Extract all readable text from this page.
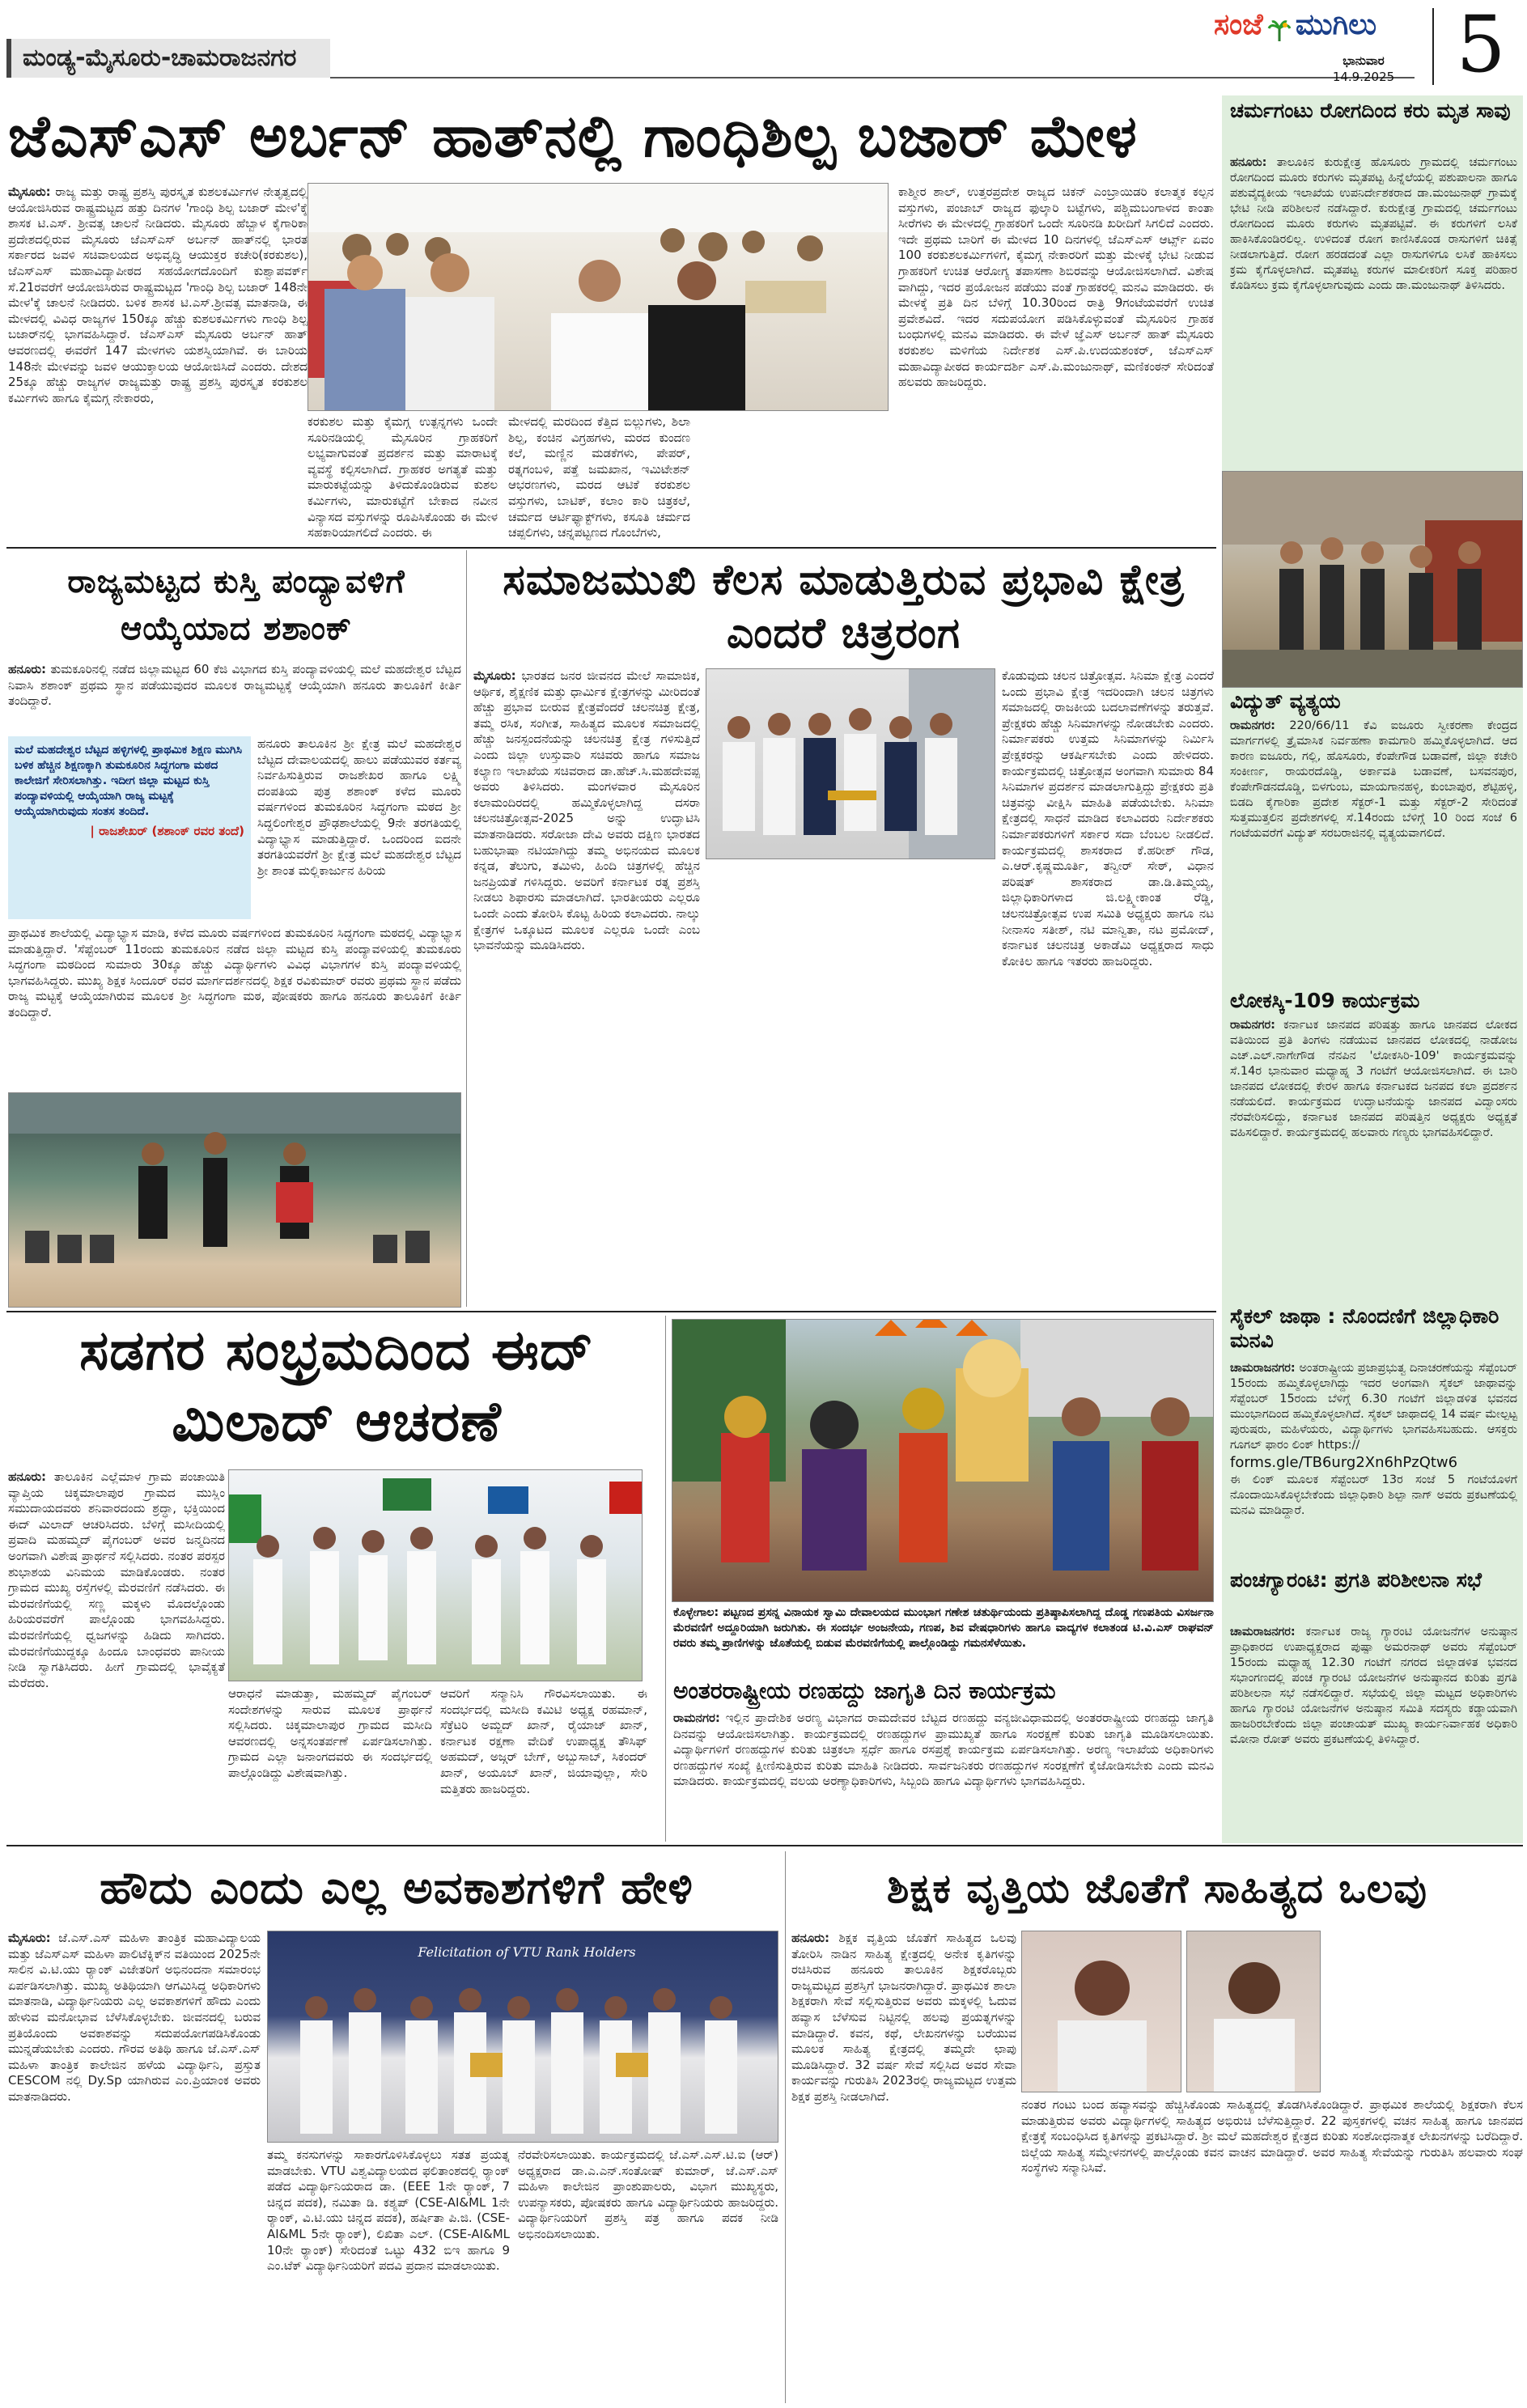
ಮಂಡ್ಯ-ಮೈಸೂರು-ಚಾಮರಾಜನಗರ
ಸಂಜೆ ಮುಗಿಲು
ಭಾನುವಾರ
14.9.2025 5
ಜೆಎಸ್‌ಎಸ್ ಅರ್ಬನ್ ಹಾತ್‌ನಲ್ಲಿ ಗಾಂಧಿಶಿಲ್ಪ ಬಜಾರ್ ಮೇಳ
ಮೈಸೂರು: ರಾಜ್ಯ ಮತ್ತು ರಾಷ್ಟ್ರ ಪ್ರಶಸ್ತಿ ಪುರಸ್ಕೃತ ಕುಶಲಕರ್ಮಿಗಳ ನೇತೃತ್ವದಲ್ಲಿ ಆಯೋಜಿಸಿರುವ ರಾಷ್ಟ್ರಮಟ್ಟದ ಹತ್ತು ದಿನಗಳ 'ಗಾಂಧಿ ಶಿಲ್ಪ ಬಜಾರ್ ಮೇಳ'ಕ್ಕೆ ಶಾಸಕ ಟಿ.ಎಸ್. ಶ್ರೀವತ್ಸ ಚಾಲನೆ ನೀಡಿದರು. ಮೈಸೂರು ಹೆಬ್ಬಾಳ ಕೈಗಾರಿಕಾ ಪ್ರದೇಶದಲ್ಲಿರುವ ಮೈಸೂರು ಜೆಎಸ್‌ಎಸ್ ಅರ್ಬನ್ ಹಾತ್‌ನಲ್ಲಿ ಭಾರತ ಸರ್ಕಾರದ ಜವಳಿ ಸಚಿವಾಲಯದ ಅಭಿವೃದ್ಧಿ ಆಯುಕ್ತರ ಕಚೇರಿ(ಕರಕುಶಲ), ಜೆಎಸ್‌ಎಸ್ ಮಹಾವಿದ್ಯಾಪೀಠದ ಸಹಯೋಗದೊಂದಿಗೆ ಕುಶ್ವಾಪವರ್ಕ್ ಸೆ.21ರವರೆಗೆ ಆಯೋಜಿಸಿರುವ ರಾಷ್ಟ್ರಮಟ್ಟದ 'ಗಾಂಧಿ ಶಿಲ್ಪ ಬಜಾರ್ 148ನೇ ಮೇಳ'ಕ್ಕೆ ಚಾಲನೆ ನೀಡಿದರು. ಬಳಿಕ ಶಾಸಕ ಟಿ.ಎಸ್.ಶ್ರೀವತ್ಸ ಮಾತನಾಡಿ, ಈ ಮೇಳದಲ್ಲಿ ವಿವಿಧ ರಾಜ್ಯಗಳ 150ಕ್ಕೂ ಹೆಚ್ಚು ಕುಶಲಕರ್ಮಿಗಳು ಗಾಂಧಿ ಶಿಲ್ಪ ಬಜಾರ್‌ನಲ್ಲಿ ಭಾಗವಹಿಸಿದ್ದಾರೆ. ಜೆಎಸ್‌ಎಸ್ ಮೈಸೂರು ಅರ್ಬನ್ ಹಾತ್ ಆವರಣದಲ್ಲಿ ಈವರೆಗೆ 147 ಮೇಳಗಳು ಯಶಸ್ವಿಯಾಗಿವೆ. ಈ ಬಾರಿಯ 148ನೇ ಮೇಳವನ್ನು ಜವಳಿ ಆಯುಕ್ತಾಲಯ ಆಯೋಜಿಸಿದೆ ಎಂದರು. ದೇಶದ 25ಕ್ಕೂ ಹೆಚ್ಚು ರಾಜ್ಯಗಳ ರಾಜ್ಯಮತ್ತು ರಾಷ್ಟ್ರ ಪ್ರಶಸ್ತಿ ಪುರಸ್ಕೃತ ಕರಕುಶಲ ಕರ್ಮಿಗಳು ಹಾಗೂ ಕೈಮಗ್ಗ ನೇಕಾರರು,
ಕರಕುಶಲ ಮತ್ತು ಕೈಮಗ್ಗ ಉತ್ಪನ್ನಗಳು ಒಂದೇ ಸೂರಿನಡಿಯಲ್ಲಿ ಮೈಸೂರಿನ ಗ್ರಾಹಕರಿಗೆ ಲಭ್ಯವಾಗುವಂತೆ ಪ್ರದರ್ಶನ ಮತ್ತು ಮಾರಾಟಕ್ಕೆ ವ್ಯವಸ್ಥೆ ಕಲ್ಪಿಸಲಾಗಿದೆ. ಗ್ರಾಹಕರ ಅಗತ್ಯತೆ ಮತ್ತು ಮಾರುಕಟ್ಟೆಯನ್ನು ತಿಳಿದುಕೊಂಡಿರುವ ಕುಶಲ ಕರ್ಮಿಗಳು, ಮಾರುಕಟ್ಟೆಗೆ ಬೇಕಾದ ನವೀನ ವಿನ್ಯಾಸದ ವಸ್ತುಗಳನ್ನು ರೂಪಿಸಿಕೊಂಡು ಈ ಮೇಳ ಸಹಕಾರಿಯಾಗಲಿದೆ ಎಂದರು. ಈ
ಮೇಳದಲ್ಲಿ ಮರದಿಂದ ಕೆತ್ತಿದ ಬಿಲ್ಲುಗಳು, ಶಿಲಾ ಶಿಲ್ಪ, ಕಂಚಿನ ವಿಗ್ರಹಗಳು, ಮರದ ಕುಂದಣ ಕಲೆ, ಮಣ್ಣಿನ ಮಡಕೆಗಳು, ಪೇಪರ್, ರತ್ನಗಂಬಳಿ, ಪತ್ತೆ ಜಮಖಾನ, ಇಮಿಟೇಶನ್ ಆಭರಣಗಳು, ಮರದ ಆಟಿಕೆ ಕರಕುಶಲ ವಸ್ತುಗಳು, ಬಾಟಿಕ್, ಕಲಾಂ ಕಾರಿ ಚಿತ್ರಕಲೆ, ಚರ್ಮದ ಆರ್ಟಿಫ್ಯಾಕ್ಟ್‌ಗಳು, ಕಸೂತಿ ಚರ್ಮದ ಚಪ್ಪಲಿಗಳು, ಚನ್ನಪಟ್ಟಣದ ಗೊಂಬೆಗಳು,
ಕಾಶ್ಮೀರ ಶಾಲ್, ಉತ್ತರಪ್ರದೇಶ ರಾಜ್ಯದ ಚಿಕನ್ ಎಂಬ್ರಾಯಿಡರಿ ಕಲಾತ್ಮಕ ಕಲ್ಪನ ವಸ್ತುಗಳು, ಪಂಜಾಬ್ ರಾಜ್ಯದ ಫುಲ್ಕಾರಿ ಬಟ್ಟೆಗಳು, ಪಶ್ಚಿಮಬಂಗಾಳದ ಕಾಂತಾ ಸೀರೆಗಳು ಈ ಮೇಳದಲ್ಲಿ ಗ್ರಾಹಕರಿಗೆ ಒಂದೇ ಸೂರಿನಡಿ ಖರೀದಿಗೆ ಸಿಗಲಿದೆ ಎಂದರು. ಇದೇ ಪ್ರಥಮ ಬಾರಿಗೆ ಈ ಮೇಳದ 10 ದಿನಗಳಲ್ಲಿ ಜೆಎಸ್‌ಎಸ್ ಆರ್ಟ್ಸ್ ಏವಂ 100 ಕರಕುಶಲಕರ್ಮಿಗಳಿಗೆ, ಕೈಮಗ್ಗ ನೇಕಾರರಿಗೆ ಮತ್ತು ಮೇಳಕ್ಕೆ ಭೇಟಿ ನೀಡುವ ಗ್ರಾಹಕರಿಗೆ ಉಚಿತ ಆರೋಗ್ಯ ತಪಾಸಣಾ ಶಿಬಿರವನ್ನು ಆಯೋಜಿಸಲಾಗಿದೆ. ವಿಶೇಷ ವಾಗಿದ್ದು, ಇದರ ಪ್ರಯೋಜನ ಪಡೆಯು ವಂತೆ ಗ್ರಾಹಕರಲ್ಲಿ ಮನವಿ ಮಾಡಿದರು. ಈ ಮೇಳಕ್ಕೆ ಪ್ರತಿ ದಿನ ಬೆಳಿಗ್ಗೆ 10.30ರಿಂದ ರಾತ್ರಿ 9ಗಂಟೆಯವರೆಗೆ ಉಚಿತ ಪ್ರವೇಶವಿದೆ. ಇದರ ಸದುಪಯೋಗ ಪಡಿಸಿಕೊಳ್ಳುವಂತೆ ಮೈಸೂರಿನ ಗ್ರಾಹಕ ಬಂಧುಗಳಲ್ಲಿ ಮನವಿ ಮಾಡಿದರು. ಈ ವೇಳೆ ಜ್ಞೆಎಸ್ ಅರ್ಬನ್ ಹಾತ್ ಮೈಸೂರು ಕರಕುಶಲ ಮಳಿಗೆಯ ನಿರ್ದೇಶಕ ಎಸ್.ಪಿ.ಉದಯಶಂಕರ್, ಜೆಎಸ್‌ಎಸ್ ಮಹಾವಿದ್ಯಾಪೀಠದ ಕಾರ್ಯದರ್ಶಿ ಎಸ್.ಪಿ.ಮಂಜುನಾಥ್, ಮಣಿಕಂಠನ್ ಸೇರಿದಂತೆ ಹಲವರು ಹಾಜರಿದ್ದರು.
ಚರ್ಮಗಂಟು ರೋಗದಿಂದ ಕರು ಮೃತ ಸಾವು
ಹನೂರು: ತಾಲೂಕಿನ ಕುರುಕ್ಷೇತ್ರ ಹೊಸೂರು ಗ್ರಾಮದಲ್ಲಿ ಚರ್ಮಗಂಟು ರೋಗದಿಂದ ಮೂರು ಕರುಗಳು ಮೃತಪಟ್ಟ ಹಿನ್ನೆಲೆಯಲ್ಲಿ ಪಶುಪಾಲನಾ ಹಾಗೂ ಪಶುವೈದ್ಯಕೀಯ ಇಲಾಖೆಯ ಉಪನಿರ್ದೇಶಕರಾದ ಡಾ.ಮಂಜುನಾಥ್ ಗ್ರಾಮಕ್ಕೆ ಭೇಟಿ ನೀಡಿ ಪರಿಶೀಲನೆ ನಡೆಸಿದ್ದಾರೆ. ಕುರುಕ್ಷೇತ್ರ ಗ್ರಾಮದಲ್ಲಿ ಚರ್ಮಗಂಟು ರೋಗದಿಂದ ಮೂರು ಕರುಗಳು ಮೃತಪಟ್ಟಿವೆ. ಈ ಕರುಗಳಿಗೆ ಲಸಿಕೆ ಹಾಕಿಸಿಕೊಂಡಿರಲಿಲ್ಲ. ಉಳಿದಂತೆ ರೋಗ ಕಾಣಿಸಿಕೊಂಡ ರಾಸುಗಳಿಗೆ ಚಿಕಿತ್ಸೆ ನೀಡಲಾಗುತ್ತಿದೆ. ರೋಗ ಹರಡದಂತೆ ಎಲ್ಲಾ ರಾಸುಗಳಿಗೂ ಲಸಿಕೆ ಹಾಕಿಸಲು ಕ್ರಮ ಕೈಗೊಳ್ಳಲಾಗಿದೆ. ಮೃತಪಟ್ಟ ಕರುಗಳ ಮಾಲೀಕರಿಗೆ ಸೂಕ್ತ ಪರಿಹಾರ ಕೊಡಿಸಲು ಕ್ರಮ ಕೈಗೊಳ್ಳಲಾಗುವುದು ಎಂದು ಡಾ.ಮಂಜುನಾಥ್ ತಿಳಿಸಿದರು.
ವಿದ್ಯುತ್ ವ್ಯತ್ಯಯ
ರಾಮನಗರ: 220/66/11 ಕೆವಿ ಐಜೂರು ಸ್ವೀಕರಣಾ ಕೇಂದ್ರದ ಮಾರ್ಗಗಳಲ್ಲಿ ತ್ರೈಮಾಸಿಕ ನಿರ್ವಹಣಾ ಕಾಮಗಾರಿ ಹಮ್ಮಿಕೊಳ್ಳಲಾಗಿದೆ. ಆದ ಕಾರಣ ಐಜೂರು, ಗಲ್ಲಿ, ಹೊಸೂರು, ಕೆಂಪೇಗೌಡ ಬಡಾವಣೆ, ಜಿಲ್ಲಾ ಕಚೇರಿ ಸಂಕೀರ್ಣ, ರಾಯರದೊಡ್ಡಿ, ಅರ್ಕಾವತಿ ಬಡಾವಣೆ, ಬಸವನಪುರ, ಕೆಂಪೇಗೌಡನದೊಡ್ಡಿ, ಬಿಳಗುಂಬ, ಮಾಯಗಾನಹಳ್ಳಿ, ಕುಂಬಾಪುರ, ಶೆಟ್ಟಿಹಳ್ಳಿ, ಬಿಡದಿ ಕೈಗಾರಿಕಾ ಪ್ರದೇಶ ಸೆಕ್ಟರ್-1 ಮತ್ತು ಸೆಕ್ಟರ್-2 ಸೇರಿದಂತೆ ಸುತ್ತಮುತ್ತಲಿನ ಪ್ರದೇಶಗಳಲ್ಲಿ ಸೆ.14ರಂದು ಬೆಳಿಗ್ಗೆ 10 ರಿಂದ ಸಂಜೆ 6 ಗಂಟೆಯವರೆಗೆ ವಿದ್ಯುತ್ ಸರಬರಾಜಿನಲ್ಲಿ ವ್ಯತ್ಯಯವಾಗಲಿದೆ.
ಲೋಕಸ್ಕಿ-109 ಕಾರ್ಯಕ್ರಮ
ರಾಮನಗರ: ಕರ್ನಾಟಕ ಜಾನಪದ ಪರಿಷತ್ತು ಹಾಗೂ ಜಾನಪದ ಲೋಕದ ವತಿಯಿಂದ ಪ್ರತಿ ತಿಂಗಳು ನಡೆಯುವ ಜಾನಪದ ಲೋಕದಲ್ಲಿ ನಾಡೋಜ ಎಚ್.ಎಲ್.ನಾಗೇಗೌಡ ನೆನಪಿನ 'ಲೋಕಸಿರಿ-109' ಕಾರ್ಯಕ್ರಮವನ್ನು ಸೆ.14ರ ಭಾನುವಾರ ಮಧ್ಯಾಹ್ನ 3 ಗಂಟೆಗೆ ಆಯೋಜಿಸಲಾಗಿದೆ. ಈ ಬಾರಿ ಜಾನಪದ ಲೋಕದಲ್ಲಿ ಕೇರಳ ಹಾಗೂ ಕರ್ನಾಟಕದ ಜನಪದ ಕಲಾ ಪ್ರದರ್ಶನ ನಡೆಯಲಿದೆ. ಕಾರ್ಯಕ್ರಮದ ಉದ್ಘಾಟನೆಯನ್ನು ಜಾನಪದ ವಿದ್ವಾಂಸರು ನೆರವೇರಿಸಲಿದ್ದು, ಕರ್ನಾಟಕ ಜಾನಪದ ಪರಿಷತ್ತಿನ ಅಧ್ಯಕ್ಷರು ಅಧ್ಯಕ್ಷತೆ ವಹಿಸಲಿದ್ದಾರೆ. ಕಾರ್ಯಕ್ರಮದಲ್ಲಿ ಹಲವಾರು ಗಣ್ಯರು ಭಾಗವಹಿಸಲಿದ್ದಾರೆ.
ಸೈಕಲ್ ಜಾಥಾ : ನೊಂದಣಿಗೆ ಜಿಲ್ಲಾಧಿಕಾರಿ ಮನವಿ
ಚಾಮರಾಜನಗರ: ಅಂತರಾಷ್ಟ್ರೀಯ ಪ್ರಜಾಪ್ರಭುತ್ವ ದಿನಾಚರಣೆಯನ್ನು ಸೆಪ್ಟೆಂಬರ್ 15ರಂದು ಹಮ್ಮಿಕೊಳ್ಳಲಾಗಿದ್ದು ಇದರ ಅಂಗವಾಗಿ ಸೈಕಲ್ ಜಾಥಾವನ್ನು ಸೆಪ್ಟೆಂಬರ್ 15ರಂದು ಬೆಳಿಗ್ಗೆ 6.30 ಗಂಟೆಗೆ ಜಿಲ್ಲಾಡಳಿತ ಭವನದ ಮುಂಭಾಗದಿಂದ ಹಮ್ಮಿಕೊಳ್ಳಲಾಗಿದೆ. ಸೈಕಲ್ ಜಾಥಾದಲ್ಲಿ 14 ವರ್ಷ ಮೇಲ್ಪಟ್ಟ ಪುರುಷರು, ಮಹಿಳೆಯರು, ವಿದ್ಯಾರ್ಥಿಗಳು ಭಾಗವಹಿಸಬಹುದು. ಆಸಕ್ತರು ಗೂಗಲ್ ಫಾರಂ ಲಿಂಕ್ https://
forms.gle/TB6urg2Xn6hPzQtw6
ಈ ಲಿಂಕ್ ಮೂಲಕ ಸೆಪ್ಟೆಂಬರ್ 13ರ ಸಂಜೆ 5 ಗಂಟೆಯೊಳಗೆ ನೊಂದಾಯಿಸಿಕೊಳ್ಳಬೇಕೆಂದು ಜಿಲ್ಲಾಧಿಕಾರಿ ಶಿಲ್ಪಾ ನಾಗ್ ಅವರು ಪ್ರಕಟಣೆಯಲ್ಲಿ ಮನವಿ ಮಾಡಿದ್ದಾರೆ.
ಪಂಚಗ್ಯಾರಂಟಿ: ಪ್ರಗತಿ ಪರಿಶೀಲನಾ ಸಭೆ
ಚಾಮರಾಜನಗರ: ಕರ್ನಾಟಕ ರಾಜ್ಯ ಗ್ಯಾರಂಟಿ ಯೋಜನೆಗಳ ಅನುಷ್ಠಾನ ಪ್ರಾಧಿಕಾರದ ಉಪಾಧ್ಯಕ್ಷರಾದ ಪುಷ್ಪಾ ಅಮರನಾಥ್ ಅವರು ಸೆಪ್ಟೆಂಬರ್ 15ರಂದು ಮಧ್ಯಾಹ್ನ 12.30 ಗಂಟೆಗೆ ನಗರದ ಜಿಲ್ಲಾಡಳಿತ ಭವನದ ಸಭಾಂಗಣದಲ್ಲಿ ಪಂಚ ಗ್ಯಾರಂಟಿ ಯೋಜನೆಗಳ ಅನುಷ್ಠಾನದ ಕುರಿತು ಪ್ರಗತಿ ಪರಿಶೀಲನಾ ಸಭೆ ನಡೆಸಲಿದ್ದಾರೆ. ಸಭೆಯಲ್ಲಿ ಜಿಲ್ಲಾ ಮಟ್ಟದ ಅಧಿಕಾರಿಗಳು ಹಾಗೂ ಗ್ಯಾರಂಟಿ ಯೋಜನೆಗಳ ಅನುಷ್ಠಾನ ಸಮಿತಿ ಸದಸ್ಯರು ಕಡ್ಡಾಯವಾಗಿ ಹಾಜರಿರಬೇಕೆಂದು ಜಿಲ್ಲಾ ಪಂಚಾಯತ್ ಮುಖ್ಯ ಕಾರ್ಯನಿರ್ವಾಹಕ ಅಧಿಕಾರಿ ಮೋನಾ ರೋತ್ ಅವರು ಪ್ರಕಟಣೆಯಲ್ಲಿ ತಿಳಿಸಿದ್ದಾರೆ.
ರಾಜ್ಯಮಟ್ಟದ ಕುಸ್ತಿ ಪಂದ್ಯಾವಳಿಗೆ ಆಯ್ಕೆಯಾದ ಶಶಾಂಕ್
ಹನೂರು: ತುಮಕೂರಿನಲ್ಲಿ ನಡೆದ ಜಿಲ್ಲಾಮಟ್ಟದ 60 ಕೆಜಿ ವಿಭಾಗದ ಕುಸ್ತಿ ಪಂದ್ಯಾವಳಿಯಲ್ಲಿ ಮಲೆ ಮಹದೇಶ್ವರ ಬೆಟ್ಟದ ನಿವಾಸಿ ಶಶಾಂಕ್ ಪ್ರಥಮ ಸ್ಥಾನ ಪಡೆಯುವುದರ ಮೂಲಕ ರಾಜ್ಯಮಟ್ಟಕ್ಕೆ ಆಯ್ಕೆಯಾಗಿ ಹನೂರು ತಾಲೂಕಿಗೆ ಕೀರ್ತಿ ತಂದಿದ್ದಾರೆ.
ಮಲೆ ಮಹದೇಶ್ವರ ಬೆಟ್ಟದ ಹಳ್ಳಿಗಳಲ್ಲಿ ಪ್ರಾಥಮಿಕ ಶಿಕ್ಷಣ ಮುಗಿಸಿ ಬಳಿಕ ಹೆಚ್ಚಿನ ಶಿಕ್ಷಣಕ್ಕಾಗಿ ತುಮಕೂರಿನ ಸಿದ್ಧಗಂಗಾ ಮಠದ ಕಾಲೇಜಿಗೆ ಸೇರಿಸಲಾಗಿತ್ತು. ಇದೀಗ ಜಿಲ್ಲಾ ಮಟ್ಟದ ಕುಸ್ತಿ ಪಂದ್ಯಾವಳಿಯಲ್ಲಿ ಆಯ್ಕೆಯಾಗಿ ರಾಜ್ಯ ಮಟ್ಟಕ್ಕೆ ಆಯ್ಕೆಯಾಗಿರುವುದು ಸಂತಸ ತಂದಿದೆ.
| ರಾಜಶೇಖರ್ (ಶಶಾಂಕ್ ರವರ ತಂದೆ)
ಹನೂರು ತಾಲೂಕಿನ ಶ್ರೀ ಕ್ಷೇತ್ರ ಮಲೆ ಮಹದೇಶ್ವರ ಬೆಟ್ಟದ ದೇವಾಲಯದಲ್ಲಿ ಹಾಲು ಪಡೆಯುವರ ಕರ್ತವ್ಯ ನಿರ್ವಹಿಸುತ್ತಿರುವ ರಾಜಶೇಖರ ಹಾಗೂ ಲಕ್ಷ್ಮಿ ದಂಪತಿಯ ಪುತ್ರ ಶಶಾಂಕ್ ಕಳೆದ ಮೂರು ವರ್ಷಗಳಿಂದ ತುಮಕೂರಿನ ಸಿದ್ಧಗಂಗಾ ಮಠದ ಶ್ರೀ ಸಿದ್ಧಲಿಂಗೇಶ್ವರ ಪ್ರೌಢಶಾಲೆಯಲ್ಲಿ 9ನೇ ತರಗತಿಯಲ್ಲಿ ವಿದ್ಯಾಭ್ಯಾಸ ಮಾಡುತ್ತಿದ್ದಾರೆ. ಒಂದರಿಂದ ಐದನೇ ತರಗತಿಯವರೆಗೆ ಶ್ರೀ ಕ್ಷೇತ್ರ ಮಲೆ ಮಹದೇಶ್ವರ ಬೆಟ್ಟದ ಶ್ರೀ ಶಾಂತ ಮಲ್ಲಿಕಾರ್ಜುನ ಹಿರಿಯ
ಪ್ರಾಥಮಿಕ ಶಾಲೆಯಲ್ಲಿ ವಿದ್ಯಾಭ್ಯಾಸ ಮಾಡಿ, ಕಳೆದ ಮೂರು ವರ್ಷಗಳಿಂದ ತುಮಕೂರಿನ ಸಿದ್ಧಗಂಗಾ ಮಠದಲ್ಲಿ ವಿದ್ಯಾಭ್ಯಾಸ ಮಾಡುತ್ತಿದ್ದಾರೆ. 'ಸೆಪ್ಟೆಂಬರ್ 11ರಂದು ತುಮಕೂರಿನ ನಡೆದ ಜಿಲ್ಲಾ ಮಟ್ಟದ ಕುಸ್ತಿ ಪಂದ್ಯಾವಳಿಯಲ್ಲಿ ತುಮಕೂರು ಸಿದ್ಧಗಂಗಾ ಮಠದಿಂದ ಸುಮಾರು 30ಕ್ಕೂ ಹೆಚ್ಚು ವಿದ್ಯಾರ್ಥಿಗಳು ವಿವಿಧ ವಿಭಾಗಗಳ ಕುಸ್ತಿ ಪಂದ್ಯಾವಳಿಯಲ್ಲಿ ಭಾಗವಹಿಸಿದ್ದರು. ಮುಖ್ಯ ಶಿಕ್ಷಕ ಸಿಂದೂರ್ ರವರ ಮಾರ್ಗದರ್ಶನದಲ್ಲಿ ಶಿಕ್ಷಕ ರವಿಕುಮಾರ್ ರವರು ಪ್ರಥಮ ಸ್ಥಾನ ಪಡೆದು ರಾಜ್ಯ ಮಟ್ಟಕ್ಕೆ ಆಯ್ಕೆಯಾಗಿರುವ ಮೂಲಕ ಶ್ರೀ ಸಿದ್ಧಗಂಗಾ ಮಠ, ಪೋಷಕರು ಹಾಗೂ ಹನೂರು ತಾಲೂಕಿಗೆ ಕೀರ್ತಿ ತಂದಿದ್ದಾರೆ.
ಸಮಾಜಮುಖಿ ಕೆಲಸ ಮಾಡುತ್ತಿರುವ ಪ್ರಭಾವಿ ಕ್ಷೇತ್ರ ಎಂದರೆ ಚಿತ್ರರಂಗ
ಮೈಸೂರು: ಭಾರತದ ಜನರ ಜೀವನದ ಮೇಲೆ ಸಾಮಾಜಿಕ, ಆರ್ಥಿಕ, ಶೈಕ್ಷಣಿಕ ಮತ್ತು ಧಾರ್ಮಿಕ ಕ್ಷೇತ್ರಗಳನ್ನು ಮೀರಿದಂತೆ ಹೆಚ್ಚು ಪ್ರಭಾವ ಬೀರುವ ಕ್ಷೇತ್ರವೆಂದರೆ ಚಲನಚಿತ್ರ ಕ್ಷೇತ್ರ, ತಮ್ಮ ರಸಿಕ, ಸಂಗೀತ, ಸಾಹಿತ್ಯದ ಮೂಲಕ ಸಮಾಜದಲ್ಲಿ ಹೆಚ್ಚು ಜನಸ್ಪಂದನೆಯನ್ನು ಚಲನಚಿತ್ರ ಕ್ಷೇತ್ರ ಗಳಿಸುತ್ತಿದೆ ಎಂದು ಜಿಲ್ಲಾ ಉಸ್ತುವಾರಿ ಸಚಿವರು ಹಾಗೂ ಸಮಾಜ ಕಲ್ಯಾಣ ಇಲಾಖೆಯ ಸಚಿವರಾದ ಡಾ.ಹೆಚ್.ಸಿ.ಮಹದೇವಪ್ಪ ಅವರು ತಿಳಿಸಿದರು. ಮಂಗಳವಾರ ಮೈಸೂರಿನ ಕಲಾಮಂದಿರದಲ್ಲಿ ಹಮ್ಮಿಕೊಳ್ಳಲಾಗಿದ್ದ ದಸರಾ ಚಲನಚಿತ್ರೋತ್ಸವ-2025 ಅನ್ನು ಉದ್ಘಾಟಿಸಿ ಮಾತನಾಡಿದರು. ಸರೋಜಾ ದೇವಿ ಅವರು ದಕ್ಷಿಣ ಭಾರತದ ಬಹುಭಾಷಾ ನಟಿಯಾಗಿದ್ದು ತಮ್ಮ ಅಭಿನಯದ ಮೂಲಕ ಕನ್ನಡ, ತೆಲುಗು, ತಮಿಳು, ಹಿಂದಿ ಚಿತ್ರಗಳಲ್ಲಿ ಹೆಚ್ಚಿನ ಜನಪ್ರಿಯತೆ ಗಳಿಸಿದ್ದರು. ಅವರಿಗೆ ಕರ್ನಾಟಕ ರತ್ನ ಪ್ರಶಸ್ತಿ ನೀಡಲು ಶಿಫಾರಸು ಮಾಡಲಾಗಿದೆ. ಭಾರತೀಯರು ಎಲ್ಲರೂ ಒಂದೇ ಎಂದು ತೋರಿಸಿ ಕೊಟ್ಟ ಹಿರಿಯ ಕಲಾವಿದರು. ನಾಲ್ಕು ಕ್ಷೇತ್ರಗಳ ಒಕ್ಕೂಟದ ಮೂಲಕ ಎಲ್ಲರೂ ಒಂದೇ ಎಂಬ ಭಾವನೆಯನ್ನು ಮೂಡಿಸಿದರು.
ಕೊಡುವುದು ಚಲನ ಚಿತ್ರೋತ್ಸವ. ಸಿನಿಮಾ ಕ್ಷೇತ್ರ ಎಂದರೆ ಒಂದು ಪ್ರಭಾವಿ ಕ್ಷೇತ್ರ ಇದರಿಂದಾಗಿ ಚಲನ ಚಿತ್ರಗಳು ಸಮಾಜದಲ್ಲಿ ರಾಜಕೀಯ ಬದಲಾವಣೆಗಳನ್ನು ತರುತ್ತವೆ. ಪ್ರೇಕ್ಷಕರು ಹೆಚ್ಚು ಸಿನಿಮಾಗಳನ್ನು ನೋಡಬೇಕು ಎಂದರು. ನಿರ್ಮಾಪಕರು ಉತ್ತಮ ಸಿನಿಮಾಗಳನ್ನು ನಿರ್ಮಿಸಿ ಪ್ರೇಕ್ಷಕರನ್ನು ಆಕರ್ಷಿಸಬೇಕು ಎಂದು ಹೇಳಿದರು. ಕಾರ್ಯಕ್ರಮದಲ್ಲಿ ಚಿತ್ರೋತ್ಸವ ಅಂಗವಾಗಿ ಸುಮಾರು 84 ಸಿನಿಮಾಗಳ ಪ್ರದರ್ಶನ ಮಾಡಲಾಗುತ್ತಿದ್ದು ಪ್ರೇಕ್ಷಕರು ಪ್ರತಿ ಚಿತ್ರವನ್ನು ವೀಕ್ಷಿಸಿ ಮಾಹಿತಿ ಪಡೆಯಬೇಕು. ಸಿನಿಮಾ ಕ್ಷೇತ್ರದಲ್ಲಿ ಸಾಧನೆ ಮಾಡಿದ ಕಲಾವಿದರು ನಿರ್ದೇಶಕರು ನಿರ್ಮಾಪಕರುಗಳಿಗೆ ಸರ್ಕಾರ ಸದಾ ಬೆಂಬಲ ನೀಡಲಿದೆ. ಕಾರ್ಯಕ್ರಮದಲ್ಲಿ ಶಾಸಕರಾದ ಕೆ.ಹರೀಶ್ ಗೌಡ, ಎ.ಆರ್.ಕೃಷ್ಣಮೂರ್ತಿ, ತನ್ವೀರ್ ಸೇಠ್, ವಿಧಾನ ಪರಿಷತ್ ಶಾಸಕರಾದ ಡಾ.ಡಿ.ತಿಮ್ಮಯ್ಯ, ಜಿಲ್ಲಾಧಿಕಾರಿಗಳಾದ ಜಿ.ಲಕ್ಷ್ಮೀಕಾಂತ ರೆಡ್ಡಿ, ಚಲನಚಿತ್ರೋತ್ಸವ ಉಪ ಸಮಿತಿ ಅಧ್ಯಕ್ಷರು ಹಾಗೂ ನಟ ನೀನಾಸಂ ಸತೀಶ್, ನಟಿ ಮಾನ್ವಿತಾ, ನಟ ಪ್ರಮೋದ್, ಕರ್ನಾಟಕ ಚಲನಚಿತ್ರ ಅಕಾಡೆಮಿ ಅಧ್ಯಕ್ಷರಾದ ಸಾಧು ಕೋಕಿಲ ಹಾಗೂ ಇತರರು ಹಾಜರಿದ್ದರು.
ಸಡಗರ ಸಂಭ್ರಮದಿಂದ ಈದ್ ಮಿಲಾದ್ ಆಚರಣೆ
ಹನೂರು: ತಾಲೂಕಿನ ಎಲ್ಲೆಮಾಳ ಗ್ರಾಮ ಪಂಚಾಯಿತಿ ವ್ಯಾಪ್ತಿಯ ಚಿಕ್ಕಮಾಲಾಪುರ ಗ್ರಾಮದ ಮುಸ್ಲಿಂ ಸಮುದಾಯದವರು ಶನಿವಾರದಂದು ಶ್ರದ್ಧಾ, ಭಕ್ತಿಯಿಂದ ಈದ್ ಮಿಲಾದ್ ಆಚರಿಸಿದರು. ಬೆಳಿಗ್ಗೆ ಮಸೀದಿಯಲ್ಲಿ ಪ್ರವಾದಿ ಮಹಮ್ಮದ್ ಪೈಗಂಬರ್ ಅವರ ಜನ್ಮದಿನದ ಅಂಗವಾಗಿ ವಿಶೇಷ ಪ್ರಾರ್ಥನೆ ಸಲ್ಲಿಸಿದರು. ನಂತರ ಪರಸ್ಪರ ಶುಭಾಶಯ ವಿನಿಮಯ ಮಾಡಿಕೊಂಡರು. ನಂತರ ಗ್ರಾಮದ ಮುಖ್ಯ ರಸ್ತೆಗಳಲ್ಲಿ ಮೆರವಣಿಗೆ ನಡೆಸಿದರು. ಈ ಮೆರವಣಿಗೆಯಲ್ಲಿ ಸಣ್ಣ ಮಕ್ಕಳು ಮೊದಲ್ಗೊಂಡು ಹಿರಿಯರವರೆಗೆ ಪಾಲ್ಗೊಂಡು ಭಾಗವಹಿಸಿದ್ದರು. ಮೆರವಣಿಗೆಯಲ್ಲಿ ಧ್ವಜಗಳನ್ನು ಹಿಡಿದು ಸಾಗಿದರು. ಮೆರವಣಿಗೆಯುದ್ದಕ್ಕೂ ಹಿಂದೂ ಬಾಂಧವರು ಪಾನೀಯ ನೀಡಿ ಸ್ವಾಗತಿಸಿದರು. ಹೀಗೆ ಗ್ರಾಮದಲ್ಲಿ ಭಾವೈಕ್ಯತೆ ಮೆರೆದರು.
ಆರಾಧನೆ ಮಾಡುತ್ತಾ, ಮಹಮ್ಮದ್ ಪೈಗಂಬರ್ ಸಂದೇಶಗಳನ್ನು ಸಾರುವ ಮೂಲಕ ಪ್ರಾರ್ಥನೆ ಸಲ್ಲಿಸಿದರು. ಚಿಕ್ಕಮಾಲಾಪುರ ಗ್ರಾಮದ ಮಸೀದಿ ಆವರಣದಲ್ಲಿ ಅನ್ನಸಂತರ್ಪಣೆ ಏರ್ಪಡಿಸಲಾಗಿತ್ತು. ಗ್ರಾಮದ ಎಲ್ಲಾ ಜನಾಂಗದವರು ಈ ಸಂದರ್ಭದಲ್ಲಿ ಪಾಲ್ಗೊಂಡಿದ್ದು ವಿಶೇಷವಾಗಿತ್ತು.
ಆವರಿಗೆ ಸನ್ಮಾನಿಸಿ ಗೌರವಿಸಲಾಯಿತು. ಈ ಸಂದರ್ಭದಲ್ಲಿ ಮಸೀದಿ ಕಮಿಟಿ ಅಧ್ಯಕ್ಷ ರಹಮಾನ್, ಸೆಕ್ರೆಟರಿ ಅಮ್ಜದ್ ಖಾನ್, ರೈಯಾಜ್ ಖಾನ್, ಕರ್ನಾಟಕ ರಕ್ಷಣಾ ವೇದಿಕೆ ಉಪಾಧ್ಯಕ್ಷ ತೌಸಿಫ್ ಅಹಮದ್, ಅಜ್ಗರ್ ಬೇಗ್, ಅಬ್ಬುಸಾಬ್, ಸಿಕಂದರ್ ಖಾನ್, ಅಯೂಬ್ ಖಾನ್, ಜಿಯಾವುಲ್ಲಾ, ಸೇರಿ ಮತ್ತಿತರು ಹಾಜರಿದ್ದರು.
ಕೊಳ್ಳೇಗಾಲ: ಪಟ್ಟಣದ ಪ್ರಸನ್ನ ವಿನಾಯಕ ಸ್ವಾಮಿ ದೇವಾಲಯದ ಮುಂಭಾಗ ಗಣೇಶ ಚತುರ್ಥಿಯಂದು ಪ್ರತಿಷ್ಠಾಪಿಸಲಾಗಿದ್ದ ದೊಡ್ಡ ಗಣಪತಿಯ ವಿಸರ್ಜನಾ ಮೆರವಣಿಗೆ ಅದ್ದೂರಿಯಾಗಿ ಜರುಗಿತು. ಈ ಸಂದರ್ಭ ಅಂಜನೇಯ, ಗಣಪ, ಶಿವ ವೇಷಧಾರಿಗಳು ಹಾಗೂ ವಾದ್ಯಗಳ ಕಲಾತಂಡ ಟಿ.ವಿ.ಎಸ್ ರಾಘವನ್ ರವರು ತಮ್ಮ ಪ್ರಾಣಿಗಳನ್ನು ಜೊತೆಯಲ್ಲಿ ಬಿಡುವ ಮೆರವಣಿಗೆಯಲ್ಲಿ ಪಾಲ್ಗೊಂಡಿದ್ದು ಗಮನಸೆಳೆಯಿತು.
ಅಂತರರಾಷ್ಟ್ರೀಯ ರಣಹದ್ದು ಜಾಗೃತಿ ದಿನ ಕಾರ್ಯಕ್ರಮ
ರಾಮನಗರ: ಇಲ್ಲಿನ ಪ್ರಾದೇಶಿಕ ಅರಣ್ಯ ವಿಭಾಗದ ರಾಮದೇವರ ಬೆಟ್ಟದ ರಣಹದ್ದು ವನ್ಯಜೀವಿಧಾಮದಲ್ಲಿ ಅಂತರರಾಷ್ಟ್ರೀಯ ರಣಹದ್ದು ಜಾಗೃತಿ ದಿನವನ್ನು ಆಯೋಜಿಸಲಾಗಿತ್ತು. ಕಾರ್ಯಕ್ರಮದಲ್ಲಿ ರಣಹದ್ದುಗಳ ಪ್ರಾಮುಖ್ಯತೆ ಹಾಗೂ ಸಂರಕ್ಷಣೆ ಕುರಿತು ಜಾಗೃತಿ ಮೂಡಿಸಲಾಯಿತು. ವಿದ್ಯಾರ್ಥಿಗಳಿಗೆ ರಣಹದ್ದುಗಳ ಕುರಿತು ಚಿತ್ರಕಲಾ ಸ್ಪರ್ಧೆ ಹಾಗೂ ರಸಪ್ರಶ್ನೆ ಕಾರ್ಯಕ್ರಮ ಏರ್ಪಡಿಸಲಾಗಿತ್ತು. ಅರಣ್ಯ ಇಲಾಖೆಯ ಅಧಿಕಾರಿಗಳು ರಣಹದ್ದುಗಳ ಸಂಖ್ಯೆ ಕ್ಷೀಣಿಸುತ್ತಿರುವ ಕುರಿತು ಮಾಹಿತಿ ನೀಡಿದರು. ಸಾರ್ವಜನಿಕರು ರಣಹದ್ದುಗಳ ಸಂರಕ್ಷಣೆಗೆ ಕೈಜೋಡಿಸಬೇಕು ಎಂದು ಮನವಿ ಮಾಡಿದರು. ಕಾರ್ಯಕ್ರಮದಲ್ಲಿ ವಲಯ ಅರಣ್ಯಾಧಿಕಾರಿಗಳು, ಸಿಬ್ಬಂದಿ ಹಾಗೂ ವಿದ್ಯಾರ್ಥಿಗಳು ಭಾಗವಹಿಸಿದ್ದರು.
ಹೌದು ಎಂದು ಎಲ್ಲ ಅವಕಾಶಗಳಿಗೆ ಹೇಳಿ
ಮೈಸೂರು: ಜೆ.ಎಸ್.ಎಸ್ ಮಹಿಳಾ ತಾಂತ್ರಿಕ ಮಹಾವಿದ್ಯಾಲಯ ಮತ್ತು ಜೆಎಸ್‌ಎಸ್ ಮಹಿಳಾ ಪಾಲಿಟೆಕ್ನಿಕ್‌ನ ವತಿಯಿಂದ 2025ನೇ ಸಾಲಿನ ವಿ.ಟಿ.ಯು ರ್‍ಯಾಂಕ್ ವಿಜೇತರಿಗೆ ಅಭಿನಂದನಾ ಸಮಾರಂಭ ಏರ್ಪಡಿಸಲಾಗಿತ್ತು. ಮುಖ್ಯ ಅತಿಥಿಯಾಗಿ ಆಗಮಿಸಿದ್ದ ಅಧಿಕಾರಿಗಳು ಮಾತನಾಡಿ, ವಿದ್ಯಾರ್ಥಿನಿಯರು ಎಲ್ಲ ಅವಕಾಶಗಳಿಗೆ ಹೌದು ಎಂದು ಹೇಳುವ ಮನೋಭಾವ ಬೆಳೆಸಿಕೊಳ್ಳಬೇಕು. ಜೀವನದಲ್ಲಿ ಬರುವ ಪ್ರತಿಯೊಂದು ಅವಕಾಶವನ್ನು ಸದುಪಯೋಗಪಡಿಸಿಕೊಂಡು ಮುನ್ನಡೆಯಬೇಕು ಎಂದರು. ಗೌರವ ಅತಿಥಿ ಹಾಗೂ ಜೆ.ಎಸ್.ಎಸ್ ಮಹಿಳಾ ತಾಂತ್ರಿಕ ಕಾಲೇಜಿನ ಹಳೆಯ ವಿದ್ಯಾರ್ಥಿನಿ, ಪ್ರಸ್ತುತ CESCOM ನಲ್ಲಿ Dy.Sp ಯಾಗಿರುವ ಎಂ.ಪ್ರಿಯಾಂಕ ಅವರು ಮಾತನಾಡಿದರು.
Felicitation of VTU Rank Holders
ತಮ್ಮ ಕನಸುಗಳನ್ನು ಸಾಕಾರಗೊಳಿಸಿಕೊಳ್ಳಲು ಸತತ ಪ್ರಯತ್ನ ಮಾಡಬೇಕು. VTU ವಿಶ್ವವಿದ್ಯಾಲಯದ ಫಲಿತಾಂಶದಲ್ಲಿ ರ್‍ಯಾಂಕ್ ಪಡೆದ ವಿದ್ಯಾರ್ಥಿನಿಯರಾದ ಡಾ. (EEE 1ನೇ ರ್‍ಯಾಂಕ್, 7 ಚಿನ್ನದ ಪದಕ), ನಮಿತಾ ಡಿ. ಕಶ್ಯಪ್ (CSE-AI&ML 1ನೇ ರ್‍ಯಾಂಕ್, ವಿ.ಟಿ.ಯು ಚಿನ್ನದ ಪದಕ), ಹರ್ಷಿತಾ ಪಿ.ಜಿ. (CSE-AI&ML 5ನೇ ರ್‍ಯಾಂಕ್), ಲಿಖಿತಾ ಎಲ್. (CSE-AI&ML 10ನೇ ರ್‍ಯಾಂಕ್) ಸೇರಿದಂತೆ ಒಟ್ಟು 432 ಬಿಇ ಹಾಗೂ 9 ಎಂ.ಟೆಕ್ ವಿದ್ಯಾರ್ಥಿನಿಯರಿಗೆ ಪದವಿ ಪ್ರದಾನ ಮಾಡಲಾಯಿತು.
ನೆರವೇರಿಸಲಾಯಿತು. ಕಾರ್ಯಕ್ರಮದಲ್ಲಿ ಜೆ.ಎಸ್.ಎಸ್.ಟಿ.ಐ (ಆರ್) ಅಧ್ಯಕ್ಷರಾದ ಡಾ.ಎ.ಎನ್.ಸಂತೋಷ್ ಕುಮಾರ್, ಜೆ.ಎಸ್.ಎಸ್ ಮಹಿಳಾ ಕಾಲೇಜಿನ ಪ್ರಾಂಶುಪಾಲರು, ವಿಭಾಗ ಮುಖ್ಯಸ್ಥರು, ಉಪನ್ಯಾಸಕರು, ಪೋಷಕರು ಹಾಗೂ ವಿದ್ಯಾರ್ಥಿನಿಯರು ಹಾಜರಿದ್ದರು. ವಿದ್ಯಾರ್ಥಿನಿಯರಿಗೆ ಪ್ರಶಸ್ತಿ ಪತ್ರ ಹಾಗೂ ಪದಕ ನೀಡಿ ಅಭಿನಂದಿಸಲಾಯಿತು.
ಶಿಕ್ಷಕ ವೃತ್ತಿಯ ಜೊತೆಗೆ ಸಾಹಿತ್ಯದ ಒಲವು
ಹನೂರು: ಶಿಕ್ಷಕ ವೃತ್ತಿಯ ಜೊತೆಗೆ ಸಾಹಿತ್ಯದ ಒಲವು ತೋರಿಸಿ ನಾಡಿನ ಸಾಹಿತ್ಯ ಕ್ಷೇತ್ರದಲ್ಲಿ ಅನೇಕ ಕೃತಿಗಳನ್ನು ರಚಿಸಿರುವ ಹನೂರು ತಾಲೂಕಿನ ಶಿಕ್ಷಕರೊಬ್ಬರು ರಾಜ್ಯಮಟ್ಟದ ಪ್ರಶಸ್ತಿಗೆ ಭಾಜನರಾಗಿದ್ದಾರೆ. ಪ್ರಾಥಮಿಕ ಶಾಲಾ ಶಿಕ್ಷಕರಾಗಿ ಸೇವೆ ಸಲ್ಲಿಸುತ್ತಿರುವ ಅವರು ಮಕ್ಕಳಲ್ಲಿ ಓದುವ ಹವ್ಯಾಸ ಬೆಳೆಸುವ ನಿಟ್ಟಿನಲ್ಲಿ ಹಲವು ಪ್ರಯತ್ನಗಳನ್ನು ಮಾಡಿದ್ದಾರೆ. ಕವನ, ಕಥೆ, ಲೇಖನಗಳನ್ನು ಬರೆಯುವ ಮೂಲಕ ಸಾಹಿತ್ಯ ಕ್ಷೇತ್ರದಲ್ಲಿ ತಮ್ಮದೇ ಛಾಪು ಮೂಡಿಸಿದ್ದಾರೆ. 32 ವರ್ಷ ಸೇವೆ ಸಲ್ಲಿಸಿದ ಅವರ ಸೇವಾ ಕಾರ್ಯವನ್ನು ಗುರುತಿಸಿ 2023ರಲ್ಲಿ ರಾಜ್ಯಮಟ್ಟದ ಉತ್ತಮ ಶಿಕ್ಷಕ ಪ್ರಶಸ್ತಿ ನೀಡಲಾಗಿದೆ.
ನಂತರ ಗಂಟು ಬಂದ ಹವ್ಯಾಸವನ್ನು ಹೆಚ್ಚಿಸಿಕೊಂಡು ಸಾಹಿತ್ಯದಲ್ಲಿ ತೊಡಗಿಸಿಕೊಂಡಿದ್ದಾರೆ. ಪ್ರಾಥಮಿಕ ಶಾಲೆಯಲ್ಲಿ ಶಿಕ್ಷಕರಾಗಿ ಕೆಲಸ ಮಾಡುತ್ತಿರುವ ಅವರು ವಿದ್ಯಾರ್ಥಿಗಳಲ್ಲಿ ಸಾಹಿತ್ಯದ ಅಭಿರುಚಿ ಬೆಳೆಸುತ್ತಿದ್ದಾರೆ. 22 ಪುಸ್ತಕಗಳಲ್ಲಿ ವಚನ ಸಾಹಿತ್ಯ ಹಾಗೂ ಜಾನಪದ ಕ್ಷೇತ್ರಕ್ಕೆ ಸಂಬಂಧಿಸಿದ ಕೃತಿಗಳನ್ನು ಪ್ರಕಟಿಸಿದ್ದಾರೆ. ಶ್ರೀ ಮಲೆ ಮಹದೇಶ್ವರ ಕ್ಷೇತ್ರದ ಕುರಿತು ಸಂಶೋಧನಾತ್ಮಕ ಲೇಖನಗಳನ್ನು ಬರೆದಿದ್ದಾರೆ. ಜಿಲ್ಲೆಯ ಸಾಹಿತ್ಯ ಸಮ್ಮೇಳನಗಳಲ್ಲಿ ಪಾಲ್ಗೊಂಡು ಕವನ ವಾಚನ ಮಾಡಿದ್ದಾರೆ. ಅವರ ಸಾಹಿತ್ಯ ಸೇವೆಯನ್ನು ಗುರುತಿಸಿ ಹಲವಾರು ಸಂಘ ಸಂಸ್ಥೆಗಳು ಸನ್ಮಾನಿಸಿವೆ.
